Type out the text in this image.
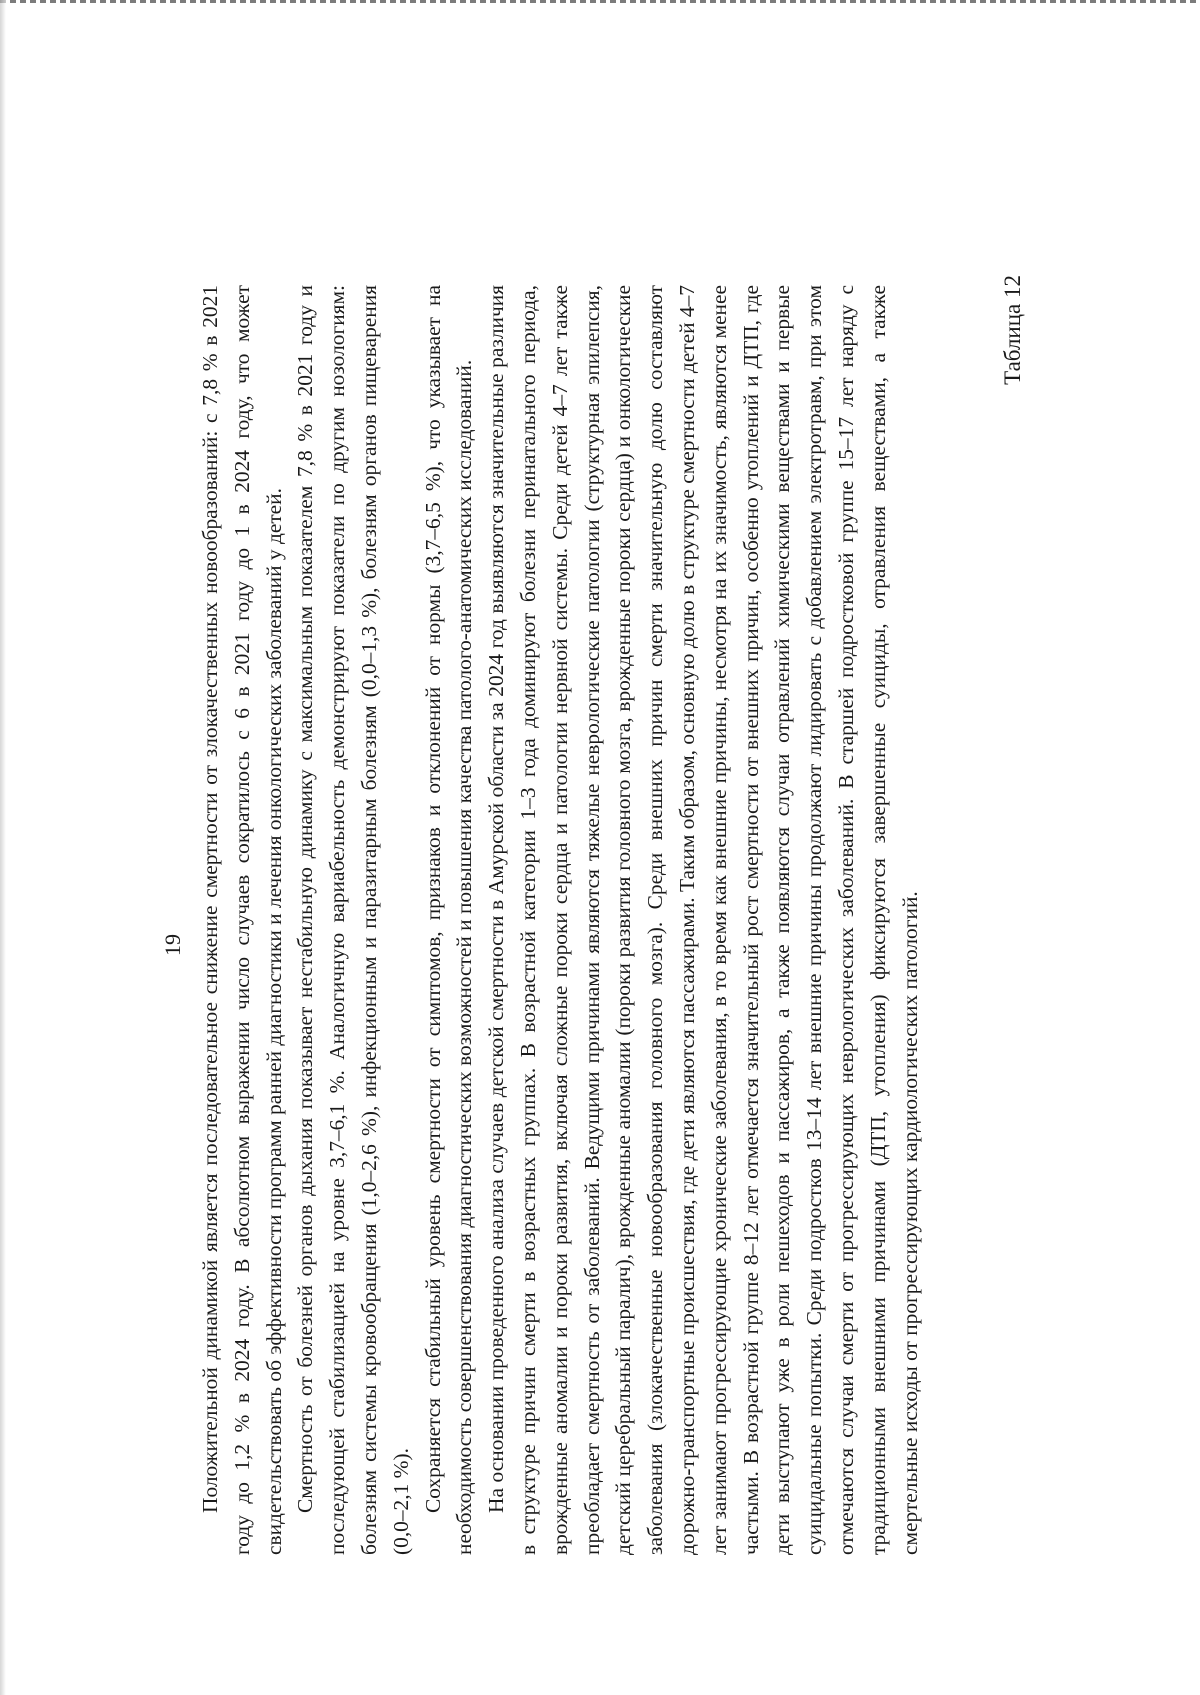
19 Положительной динамикой является последовательное снижение смертности от злокачественных новообразований: с 7,8 % в 2021 году до 1,2 % в 2024 году. В абсолютном выражении число случаев сократилось с 6 в 2021 году до 1 в 2024 году, что может свидетельствовать об эффективности программ ранней диагностики и лечения онкологических заболеваний у детей. Смертность от болезней органов дыхания показывает нестабильную динамику с максимальным показателем 7,8 % в 2021 году и последующей стабилизацией на уровне 3,7–6,1 %. Аналогичную вариабельность демонстрируют показатели по другим нозологиям: болезням системы кровообращения (1,0–2,6 %), инфекционным и паразитарным болезням (0,0–1,3 %), болезням органов пищеварения (0,0–2,1 %). Сохраняется стабильный уровень смертности от симптомов, признаков и отклонений от нормы (3,7–6,5 %), что указывает на необходимость совершенствования диагностических возможностей и повышения качества патолого-анатомических исследований. На основании проведенного анализа случаев детской смертности в Амурской области за 2024 год выявляются значительные различия в структуре причин смерти в возрастных группах. В возрастной категории 1–3 года доминируют болезни перинатального периода, врожденные аномалии и пороки развития, включая сложные пороки сердца и патологии нервной системы. Среди детей 4–7 лет также преобладает смертность от заболеваний. Ведущими причинами являются тяжелые неврологические патологии (структурная эпилепсия, детский церебральный паралич), врожденные аномалии (пороки развития головного мозга, врожденные пороки сердца) и онкологические заболевания (злокачественные новообразования головного мозга). Среди внешних причин смерти значительную долю составляют дорожно-транспортные происшествия, где дети являются пассажирами. Таким образом, основную долю в структуре смертности детей 4–7 лет занимают прогрессирующие хронические заболевания, в то время как внешние причины, несмотря на их значимость, являются менее частыми. В возрастной группе 8–12 лет отмечается значительный рост смертности от внешних причин, особенно утоплений и ДТП, где дети выступают уже в роли пешеходов и пассажиров, а также появляются случаи отравлений химическими веществами и первые суицидальные попытки. Среди подростков 13–14 лет внешние причины продолжают лидировать с добавлением электротравм, при этом отмечаются случаи смерти от прогрессирующих неврологических заболеваний. В старшей подростковой группе 15–17 лет наряду с традиционными внешними причинами (ДТП, утопления) фиксируются завершенные суициды, отравления веществами, а также смертельные исходы от прогрессирующих кардиологических патологий.

Таблица 12
